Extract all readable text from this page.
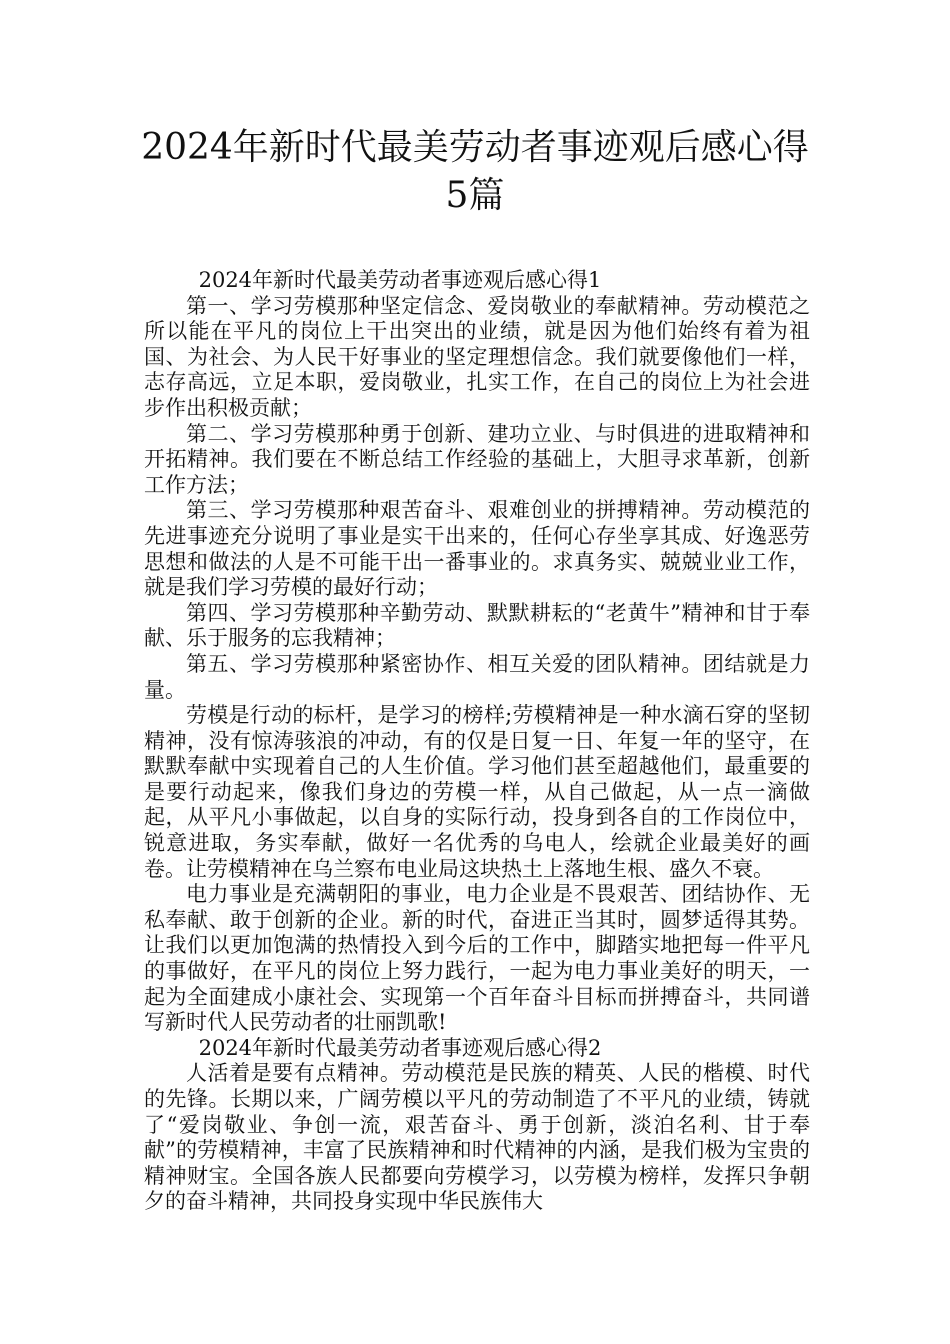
2024年新时代最美劳动者事迹观后感心得
5篇
2024年新时代最美劳动者事迹观后感心得1

第一、学习劳模那种坚定信念、爱岗敬业的奉献精神。劳动模范之所以能在平凡的岗位上干出突出的业绩，就是因为他们始终有着为祖国、为社会、为人民干好事业的坚定理想信念。我们就要像他们一样，志存高远，立足本职，爱岗敬业，扎实工作，在自己的岗位上为社会进步作出积极贡献；

第二、学习劳模那种勇于创新、建功立业、与时俱进的进取精神和开拓精神。我们要在不断总结工作经验的基础上，大胆寻求革新，创新工作方法；

第三、学习劳模那种艰苦奋斗、艰难创业的拼搏精神。劳动模范的先进事迹充分说明了事业是实干出来的，任何心存坐享其成、好逸恶劳思想和做法的人是不可能干出一番事业的。求真务实、兢兢业业工作，就是我们学习劳模的最好行动；

第四、学习劳模那种辛勤劳动、默默耕耘的“老黄牛”精神和甘于奉献、乐于服务的忘我精神；

第五、学习劳模那种紧密协作、相互关爱的团队精神。团结就是力量。

劳模是行动的标杆，是学习的榜样;劳模精神是一种水滴石穿的坚韧精神，没有惊涛骇浪的冲动，有的仅是日复一日、年复一年的坚守，在默默奉献中实现着自己的人生价值。学习他们甚至超越他们，最重要的是要行动起来，像我们身边的劳模一样，从自己做起，从一点一滴做起，从平凡小事做起，以自身的实际行动，投身到各自的工作岗位中，锐意进取，务实奉献，做好一名优秀的乌电人，绘就企业最美好的画卷。让劳模精神在乌兰察布电业局这块热土上落地生根、盛久不衰。

电力事业是充满朝阳的事业，电力企业是不畏艰苦、团结协作、无私奉献、敢于创新的企业。新的时代，奋进正当其时，圆梦适得其势。让我们以更加饱满的热情投入到今后的工作中，脚踏实地把每一件平凡的事做好，在平凡的岗位上努力践行，一起为电力事业美好的明天，一起为全面建成小康社会、实现第一个百年奋斗目标而拼搏奋斗，共同谱写新时代人民劳动者的壮丽凯歌!

2024年新时代最美劳动者事迹观后感心得2

人活着是要有点精神。劳动模范是民族的精英、人民的楷模、时代的先锋。长期以来，广阔劳模以平凡的劳动制造了不平凡的业绩，铸就了“爱岗敬业、争创一流，艰苦奋斗、勇于创新，淡泊名利、甘于奉献”的劳模精神，丰富了民族精神和时代精神的内涵，是我们极为宝贵的精神财宝。全国各族人民都要向劳模学习，以劳模为榜样，发挥只争朝夕的奋斗精神，共同投身实现中华民族伟大
